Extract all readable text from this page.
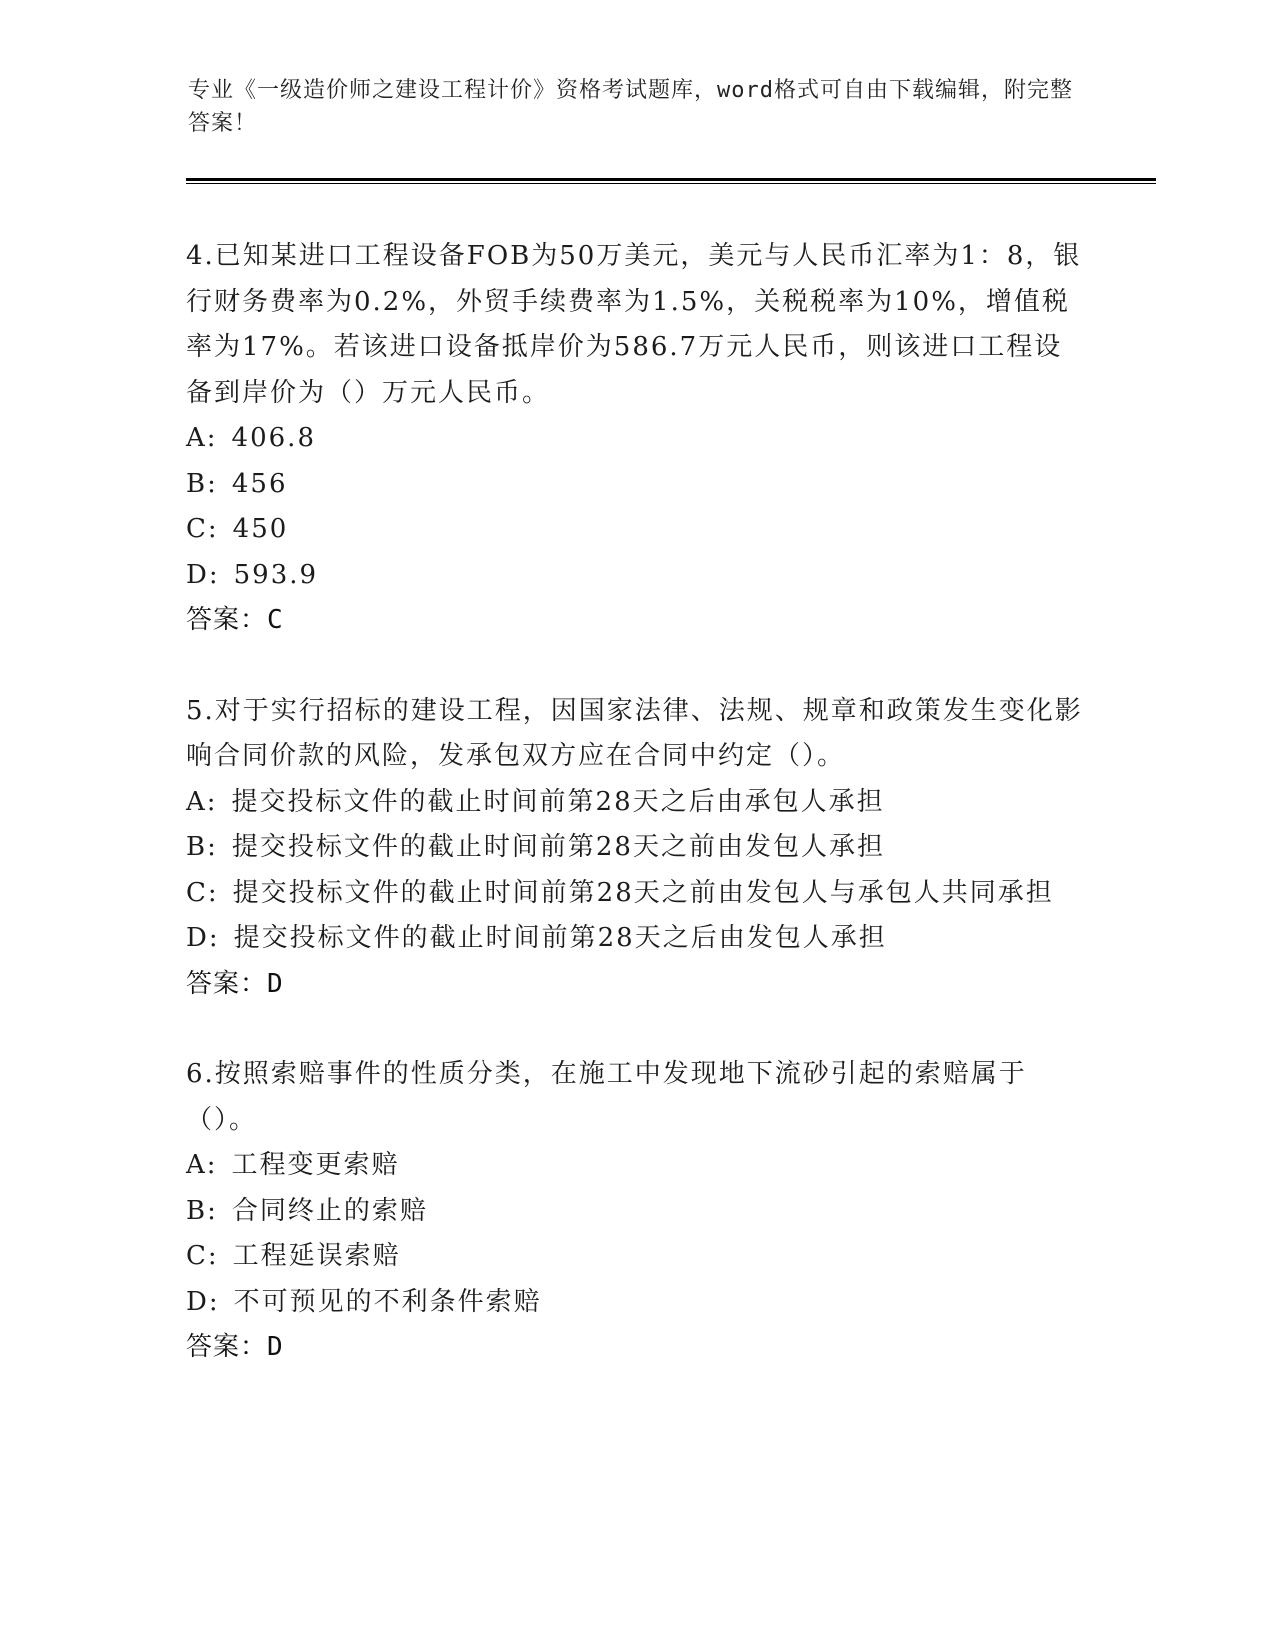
专业《一级造价师之建设工程计价》资格考试题库，word格式可自由下载编辑，附完整答案！

4.已知某进口工程设备FOB为50万美元，美元与人民币汇率为1：8，银行财务费率为0.2%，外贸手续费率为1.5%，关税税率为10%，增值税率为17%。若该进口设备抵岸价为586.7万元人民币，则该进口工程设备到岸价为（）万元人民币。

A : 406.8
B : 456
C : 450
D : 593.9

答案：C

5.对于实行招标的建设工程，因国家法律、法规、规章和政策发生变化影响合同价款的风险，发承包双方应在合同中约定（）。

A : 提交投标文件的截止时间前第28天之后由承包人承担
B : 提交投标文件的截止时间前第28天之前由发包人承担
C : 提交投标文件的截止时间前第28天之前由发包人与承包人共同承担
D : 提交投标文件的截止时间前第28天之后由发包人承担

答案：D

6.按照索赔事件的性质分类，在施工中发现地下流砂引起的索赔属于（）。

A : 工程变更索赔
B : 合同终止的索赔
C : 工程延误索赔
D : 不可预见的不利条件索赔

答案：D
